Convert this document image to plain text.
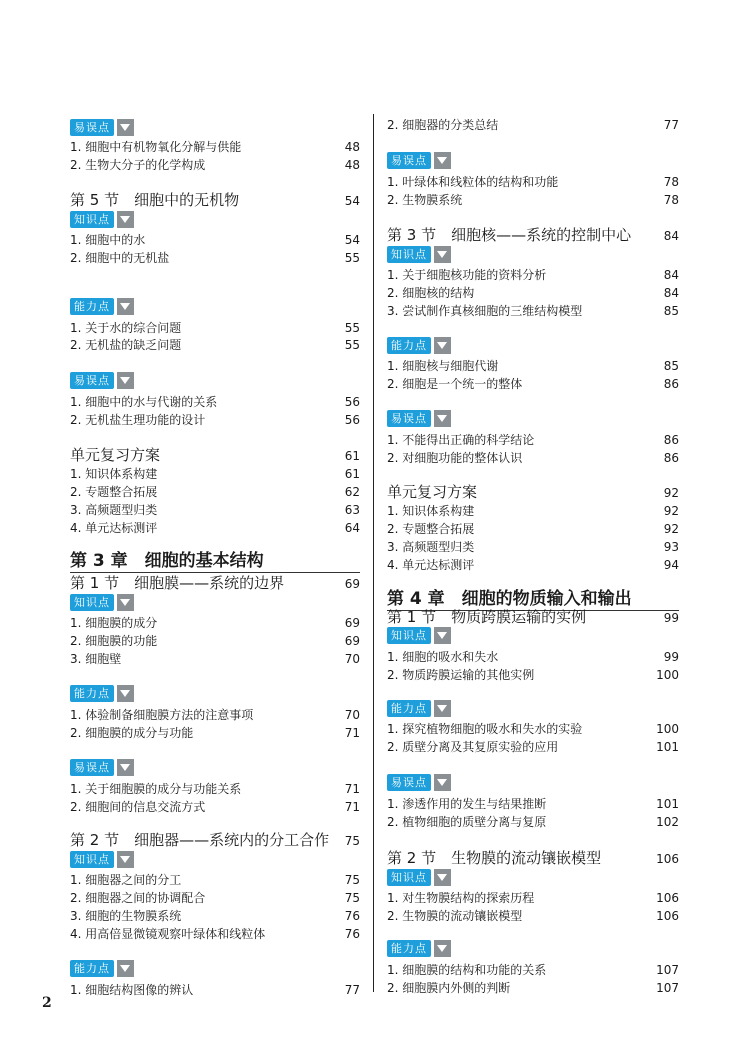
易误点
1. 细胞中有机物氧化分解与供能	48
2. 生物大分子的化学构成	48
第 5 节　细胞中的无机物	54
知识点
1. 细胞中的水	54
2. 细胞中的无机盐	55
能力点
1. 关于水的综合问题	55
2. 无机盐的缺乏问题	55
易误点
1. 细胞中的水与代谢的关系	56
2. 无机盐生理功能的设计	56
单元复习方案	61
1. 知识体系构建	61
2. 专题整合拓展	62
3. 高频题型归类	63
4. 单元达标测评	64
第 3 章　细胞的基本结构
第 1 节　细胞膜——系统的边界	69
知识点
1. 细胞膜的成分	69
2. 细胞膜的功能	69
3. 细胞壁	70
能力点
1. 体验制备细胞膜方法的注意事项	70
2. 细胞膜的成分与功能	71
易误点
1. 关于细胞膜的成分与功能关系	71
2. 细胞间的信息交流方式	71
第 2 节　细胞器——系统内的分工合作 75
知识点
1. 细胞器之间的分工	75
2. 细胞器之间的协调配合	75
3. 细胞的生物膜系统	76
4. 用高倍显微镜观察叶绿体和线粒体	76
能力点
1. 细胞结构图像的辨认	77
2. 细胞器的分类总结	77
易误点
1. 叶绿体和线粒体的结构和功能	78
2. 生物膜系统	78
第 3 节　细胞核——系统的控制中心	84
知识点
1. 关于细胞核功能的资料分析	84
2. 细胞核的结构	84
3. 尝试制作真核细胞的三维结构模型	85
能力点
1. 细胞核与细胞代谢	85
2. 细胞是一个统一的整体	86
易误点
1. 不能得出正确的科学结论	86
2. 对细胞功能的整体认识	86
单元复习方案	92
1. 知识体系构建	92
2. 专题整合拓展	92
3. 高频题型归类	93
4. 单元达标测评	94
第 4 章　细胞的物质输入和输出
第 1 节　物质跨膜运输的实例	99
知识点
1. 细胞的吸水和失水	99
2. 物质跨膜运输的其他实例	100
能力点
1. 探究植物细胞的吸水和失水的实验	100
2. 质壁分离及其复原实验的应用	101
易误点
1. 渗透作用的发生与结果推断	101
2. 植物细胞的质壁分离与复原	102
第 2 节　生物膜的流动镶嵌模型	106
知识点
1. 对生物膜结构的探索历程	106
2. 生物膜的流动镶嵌模型	106
能力点
1. 细胞膜的结构和功能的关系	107
2. 细胞膜内外侧的判断	107
2
